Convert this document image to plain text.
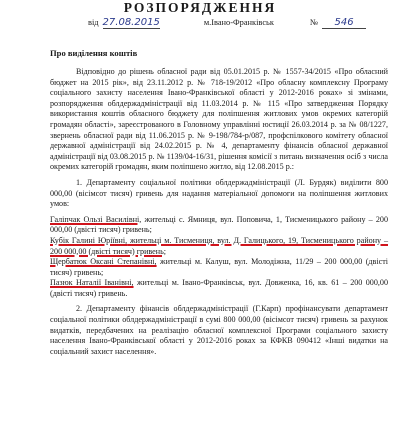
РОЗПОРЯДЖЕННЯ
від 27.08.2015	м.Івано-Франківськ	№ 546
Про виділення коштів

Відповідно до рішень обласної ради від 05.01.2015 р. № 1557-34/2015 «Про обласний бюджет на 2015 рік», від 23.11.2012 р. № 718-19/2012 «Про обласну комплексну Програму соціального захисту населення Івано-Франківської області у 2012-2016 роках» зі змінами, розпорядження облдержадміністрації від 11.03.2014 р. № 115 «Про затвердження Порядку використання коштів обласного бюджету для поліпшення житлових умов окремих категорій громадян області», зареєстрованого в Головному управлінні юстиції 26.03.2014 р. за № 08/1227, звернень обласної ради від 11.06.2015 р. № 9-198/784-р/087, профспілкового комітету обласної державної адміністрації від 24.02.2015 р. № 4, департаменту фінансів обласної державної адміністрації від 03.08.2015 р. № 1139/04-16/31, рішення комісії з питань визначення осіб з числа окремих категорій громадян, яким поліпшено житло, від 12.08.2015 р.:

1. Департаменту соціальної політики облдержадміністрації (Л. Бурдяк) виділити 800 000,00 (вісімсот тисяч) гривень для надання матеріальної допомоги на поліпшення житлових умов:

Галіпчак Ользі Василівні, жительці с. Ямниця, вул. Поповича, 1, Тисменицького району – 200 000,00 (двісті тисяч) гривень;

Кубік Галині Юріївні, жительці м. Тисмениця, вул. Д. Галицького, 19, Тисменицького району – 200 000,00 (двісті тисяч) гривень;

Щербатюк Оксані Степанівні, жительці м. Калуш, вул. Молодіжна, 11/29 – 200 000,00 (двісті тисяч) гривень;

Пазюк Наталії Іванівні, жительці м. Івано-Франківськ, вул. Довженка, 16, кв. 61 – 200 000,00 (двісті тисяч) гривень.

2. Департаменту фінансів облдержадміністрації (Г.Карп) профінансувати департамент соціальної політики облдержадміністрації в сумі 800 000,00 (вісімсот тисяч) гривень за рахунок видатків, передбачених на реалізацію обласної комплексної Програми соціального захисту населення Івано-Франківської області у 2012-2016 роках за КФКВ 090412 «Інші видатки на соціальний захист населення».
